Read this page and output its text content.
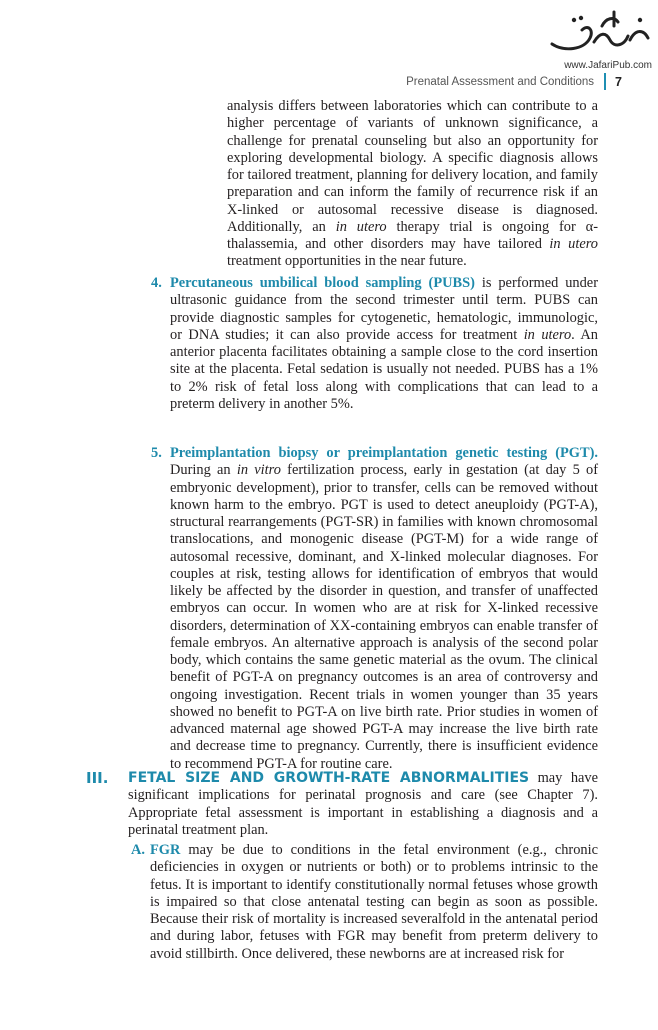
www.JafariPub.com
Prenatal Assessment and Conditions 7

analysis differs between laboratories which can contribute to a higher percentage of variants of unknown significance, a challenge for prenatal counseling but also an opportunity for exploring developmental biology. A specific diagnosis allows for tailored treatment, planning for delivery location, and family preparation and can inform the family of recurrence risk if an X-linked or autosomal recessive disease is diagnosed. Additionally, an in utero therapy trial is ongoing for α-thalassemia, and other disorders may have tailored in utero treatment opportunities in the near future.

4. Percutaneous umbilical blood sampling (PUBS) is performed under ultrasonic guidance from the second trimester until term. PUBS can provide diagnostic samples for cytogenetic, hematologic, immunologic, or DNA studies; it can also provide access for treatment in utero. An anterior placenta facilitates obtaining a sample close to the cord insertion site at the placenta. Fetal sedation is usually not needed. PUBS has a 1% to 2% risk of fetal loss along with complications that can lead to a preterm delivery in another 5%.

5. Preimplantation biopsy or preimplantation genetic testing (PGT). During an in vitro fertilization process, early in gestation (at day 5 of embryonic development), prior to transfer, cells can be removed without known harm to the embryo. PGT is used to detect aneuploidy (PGT-A), structural rearrangements (PGT-SR) in families with known chromosomal translocations, and monogenic disease (PGT-M) for a wide range of autosomal recessive, dominant, and X-linked molecular diagnoses. For couples at risk, testing allows for identification of embryos that would likely be affected by the disorder in question, and transfer of unaffected embryos can occur. In women who are at risk for X-linked recessive disorders, determination of XX-containing embryos can enable transfer of female embryos. An alternative approach is analysis of the second polar body, which contains the same genetic material as the ovum. The clinical benefit of PGT-A on pregnancy outcomes is an area of controversy and ongoing investigation. Recent trials in women younger than 35 years showed no benefit to PGT-A on live birth rate. Prior studies in women of advanced maternal age showed PGT-A may increase the live birth rate and decrease time to pregnancy. Currently, there is insufficient evidence to recommend PGT-A for routine care.

III. FETAL SIZE AND GROWTH-RATE ABNORMALITIES may have significant implications for perinatal prognosis and care (see Chapter 7). Appropriate fetal assessment is important in establishing a diagnosis and a perinatal treatment plan.

A. FGR may be due to conditions in the fetal environment (e.g., chronic deficiencies in oxygen or nutrients or both) or to problems intrinsic to the fetus. It is important to identify constitutionally normal fetuses whose growth is impaired so that close antenatal testing can begin as soon as possible. Because their risk of mortality is increased severalfold in the antenatal period and during labor, fetuses with FGR may benefit from preterm delivery to avoid stillbirth. Once delivered, these newborns are at increased risk for
